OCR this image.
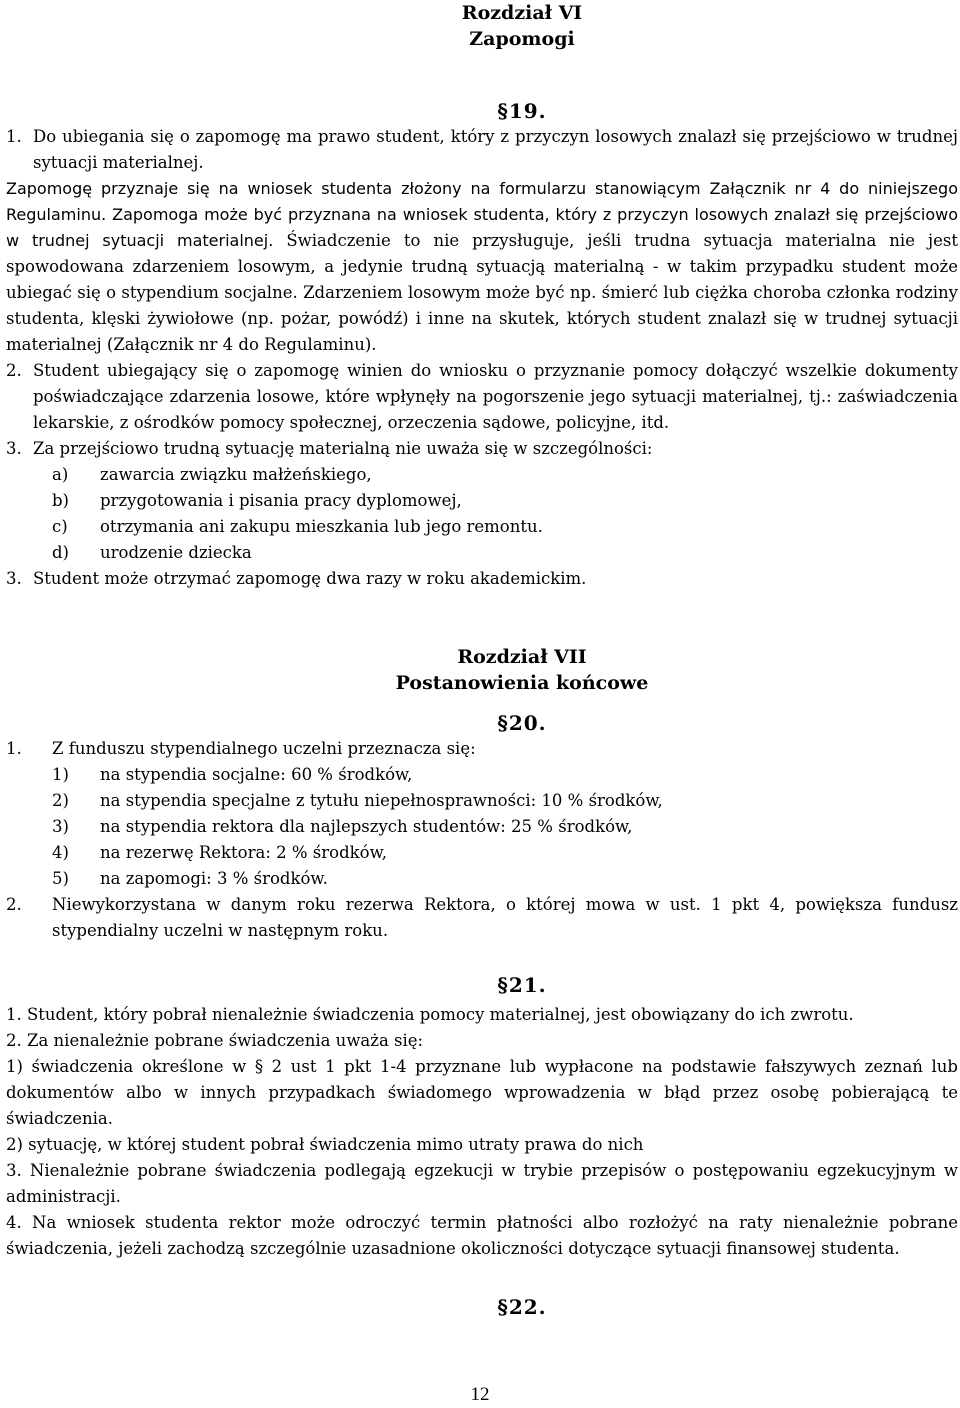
Rozdział VI

Zapomogi

§19.

1. Do ubiegania się o zapomogę ma prawo student, który z przyczyn losowych znalazł się przejściowo w trudnej sytuacji materialnej.

Zapomogę przyznaje się na wniosek studenta złożony na formularzu stanowiącym Załącznik nr 4 do niniejszego Regulaminu. Zapomoga może być przyznana na wniosek studenta, który z przyczyn losowych znalazł się przejściowo w trudnej sytuacji materialnej. Świadczenie to nie przysługuje, jeśli trudna sytuacja materialna nie jest spowodowana zdarzeniem losowym, a jedynie trudną sytuacją materialną - w takim przypadku student może ubiegać się o stypendium socjalne. Zdarzeniem losowym może być np. śmierć lub ciężka choroba członka rodziny studenta, klęski żywiołowe (np. pożar, powódź) i inne na skutek, których student znalazł się w trudnej sytuacji materialnej (Załącznik nr 4 do Regulaminu).

2. Student ubiegający się o zapomogę winien do wniosku o przyznanie pomocy dołączyć wszelkie dokumenty poświadczające zdarzenia losowe, które wpłynęły na pogorszenie jego sytuacji materialnej, tj.: zaświadczenia lekarskie, z ośrodków pomocy społecznej, orzeczenia sądowe, policyjne, itd.
3. Za przejściowo trudną sytuację materialną nie uważa się w szczególności:
a)	zawarcia związku małżeńskiego,
b)	przygotowania i pisania pracy dyplomowej,
c)	otrzymania ani zakupu mieszkania lub jego remontu.
d)	urodzenie dziecka
3. Student może otrzymać zapomogę dwa razy w roku akademickim.

Rozdział VII

Postanowienia końcowe

§20.

1.	Z funduszu stypendialnego uczelni przeznacza się:
1)	na stypendia socjalne: 60 % środków,
2)	na stypendia specjalne z tytułu niepełnosprawności: 10 % środków,
3)	na stypendia rektora dla najlepszych studentów: 25 % środków,
4)	na rezerwę Rektora: 2 % środków,
5)	na zapomogi: 3 % środków.
2.	Niewykorzystana w danym roku rezerwa Rektora, o której mowa w ust. 1 pkt 4, powiększa fundusz stypendialny uczelni w następnym roku.

§21.

1. Student, który pobrał nienależnie świadczenia pomocy materialnej, jest obowiązany do ich zwrotu.

2. Za nienależnie pobrane świadczenia uważa się:

1) świadczenia określone w § 2 ust 1 pkt 1-4 przyznane lub wypłacone na podstawie fałszywych zeznań lub dokumentów albo w innych przypadkach świadomego wprowadzenia w błąd przez osobę pobierającą te świadczenia.

2) sytuację, w której student pobrał świadczenia mimo utraty prawa do nich

3. Nienależnie pobrane świadczenia podlegają egzekucji w trybie przepisów o postępowaniu egzekucyjnym w administracji.

4. Na wniosek studenta rektor może odroczyć termin płatności albo rozłożyć na raty nienależnie pobrane świadczenia, jeżeli zachodzą szczególnie uzasadnione okoliczności dotyczące sytuacji finansowej studenta.

§22.

12
